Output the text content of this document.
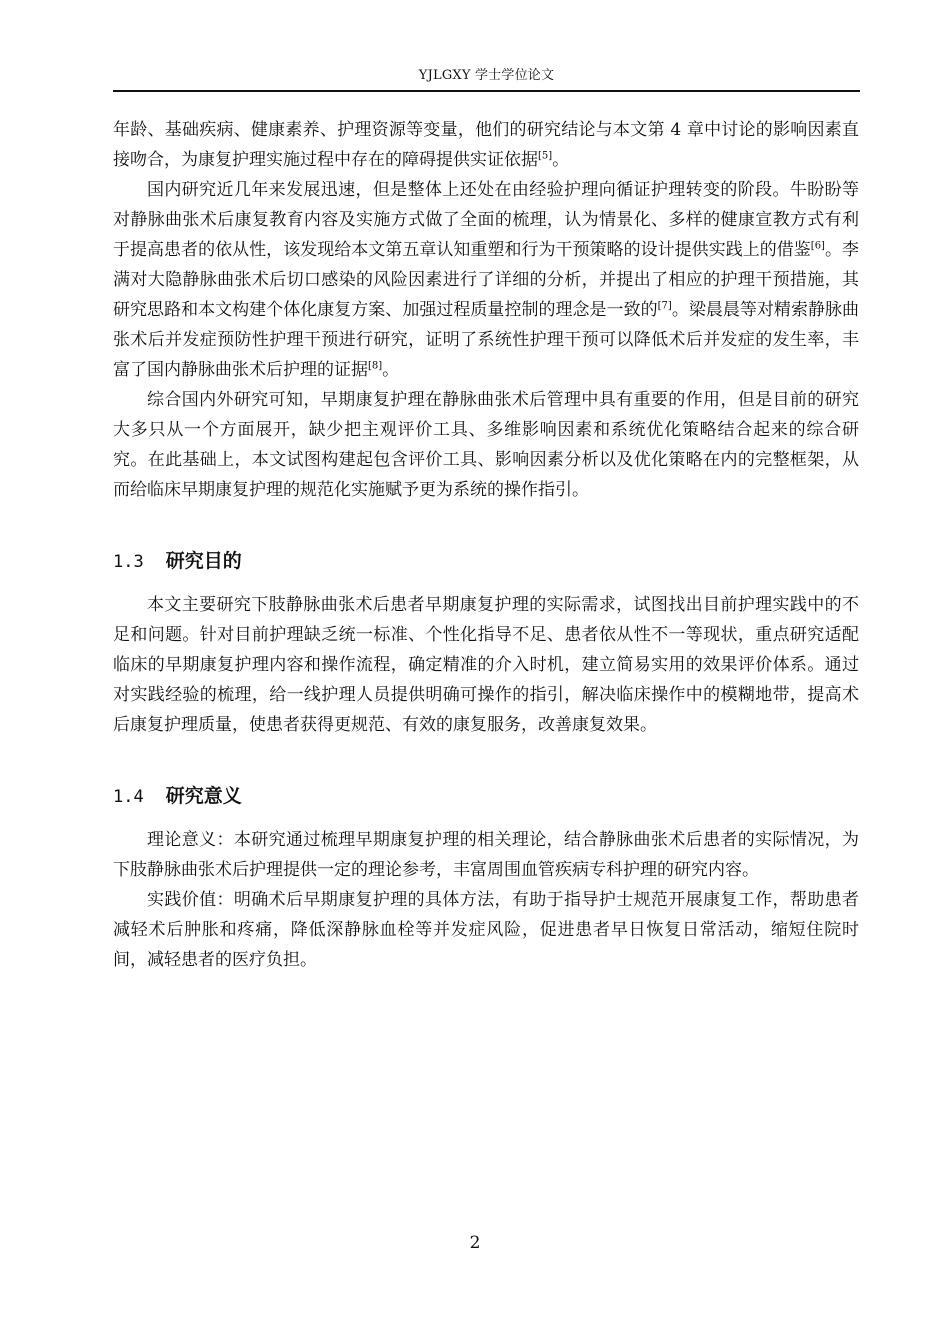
YJLGXY 学士学位论文

年龄、基础疾病、健康素养、护理资源等变量，他们的研究结论与本文第 4 章中讨论的影响因素直接吻合，为康复护理实施过程中存在的障碍提供实证依据[5]。

国内研究近几年来发展迅速，但是整体上还处在由经验护理向循证护理转变的阶段。牛盼盼等对静脉曲张术后康复教育内容及实施方式做了全面的梳理，认为情景化、多样的健康宣教方式有利于提高患者的依从性，该发现给本文第五章认知重塑和行为干预策略的设计提供实践上的借鉴[6]。李满对大隐静脉曲张术后切口感染的风险因素进行了详细的分析，并提出了相应的护理干预措施，其研究思路和本文构建个体化康复方案、加强过程质量控制的理念是一致的[7]。梁晨晨等对精索静脉曲张术后并发症预防性护理干预进行研究，证明了系统性护理干预可以降低术后并发症的发生率，丰富了国内静脉曲张术后护理的证据[8]。

综合国内外研究可知，早期康复护理在静脉曲张术后管理中具有重要的作用，但是目前的研究大多只从一个方面展开，缺少把主观评价工具、多维影响因素和系统优化策略结合起来的综合研究。在此基础上，本文试图构建起包含评价工具、影响因素分析以及优化策略在内的完整框架，从而给临床早期康复护理的规范化实施赋予更为系统的操作指引。

1.3 研究目的

本文主要研究下肢静脉曲张术后患者早期康复护理的实际需求，试图找出目前护理实践中的不足和问题。针对目前护理缺乏统一标准、个性化指导不足、患者依从性不一等现状，重点研究适配临床的早期康复护理内容和操作流程，确定精准的介入时机，建立简易实用的效果评价体系。通过对实践经验的梳理，给一线护理人员提供明确可操作的指引，解决临床操作中的模糊地带，提高术后康复护理质量，使患者获得更规范、有效的康复服务，改善康复效果。

1.4 研究意义

理论意义：本研究通过梳理早期康复护理的相关理论，结合静脉曲张术后患者的实际情况，为下肢静脉曲张术后护理提供一定的理论参考，丰富周围血管疾病专科护理的研究内容。

实践价值：明确术后早期康复护理的具体方法，有助于指导护士规范开展康复工作，帮助患者减轻术后肿胀和疼痛，降低深静脉血栓等并发症风险，促进患者早日恢复日常活动，缩短住院时间，减轻患者的医疗负担。

2
